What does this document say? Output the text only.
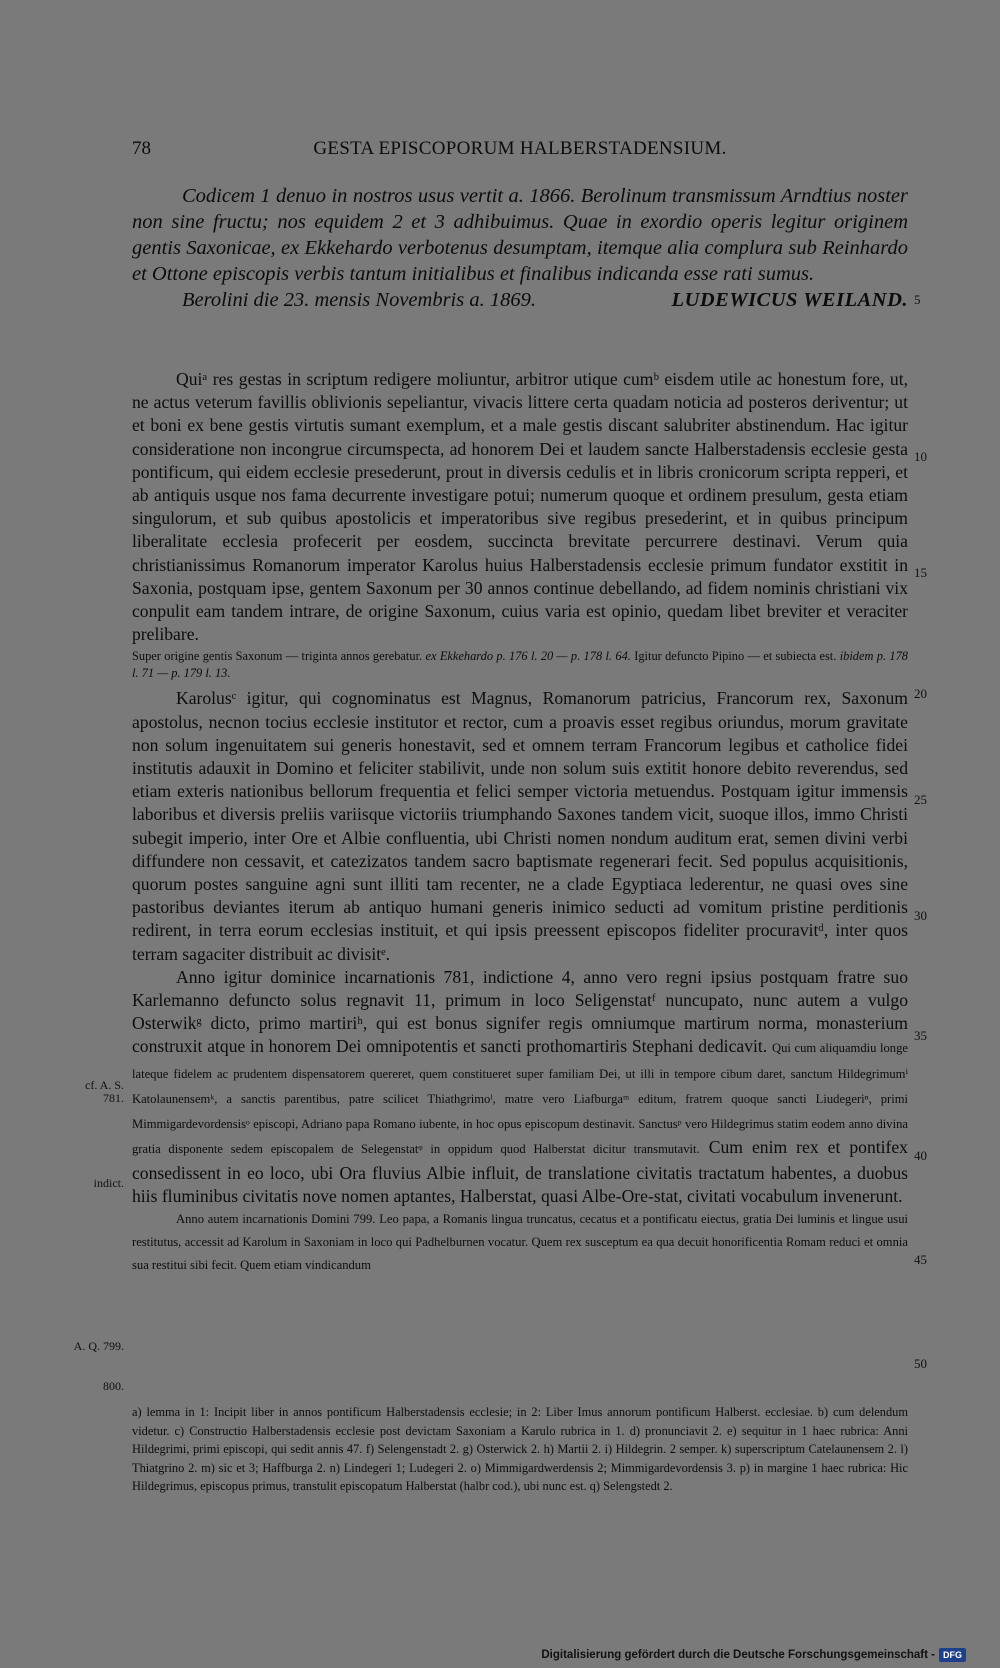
78	GESTA EPISCOPORUM HALBERSTADENSIUM.

Codicem 1 denuo in nostros usus vertit a. 1866. Berolinum transmissum Arndtius noster non sine fructu; nos equidem 2 et 3 adhibuimus. Quae in exordio operis legitur originem gentis Saxonicae, ex Ekkehardo verbotenus desumptam, itemque alia complura sub Reinhardo et Ottone episcopis verbis tantum initialibus et finalibus indicanda esse rati sumus.

Berolini die 23. mensis Novembris a. 1869.	LUDEWICUS WEILAND.

Quiᵃ res gestas in scriptum redigere moliuntur, arbitror utique cumᵇ eisdem utile ac honestum fore, ut, ne actus veterum favillis oblivionis sepeliantur, vivacis littere certa quadam noticia ad posteros deriventur; ut et boni ex bene gestis virtutis sumant exemplum, et a male gestis discant salubriter abstinendum. Hac igitur consideratione non incongrue circumspecta, ad honorem Dei et laudem sancte Halberstadensis ecclesie gesta pontificum, qui eidem ecclesie presederunt, prout in diversis cedulis et in libris cronicorum scripta repperi, et ab antiquis usque nos fama decurrente investigare potui; numerum quoque et ordinem presulum, gesta etiam singulorum, et sub quibus apostolicis et imperatoribus sive regibus presederint, et in quibus principum liberalitate ecclesia profecerit per eosdem, succincta brevitate percurrere destinavi. Verum quia christianissimus Romanorum imperator Karolus huius Halberstadensis ecclesie primum fundator exstitit in Saxonia, postquam ipse, gentem Saxonum per 30 annos continue debellando, ad fidem nominis christiani vix conpulit eam tandem intrare, de origine Saxonum, cuius varia est opinio, quedam libet breviter et veraciter prelibare.

Super origine gentis Saxonum — triginta annos gerebatur. ex Ekkehardo p. 176 l. 20 — p. 178 l. 64. Igitur defuncto Pipino — et subiecta est. ibidem p. 178 l. 71 — p. 179 l. 13.

Karolusᶜ igitur, qui cognominatus est Magnus, Romanorum patricius, Francorum rex, Saxonum apostolus, necnon tocius ecclesie institutor et rector, cum a proavis esset regibus oriundus, morum gravitate non solum ingenuitatem sui generis honestavit, sed et omnem terram Francorum legibus et catholice fidei institutis adauxit in Domino et feliciter stabilivit, unde non solum suis extitit honore debito reverendus, sed etiam exteris nationibus bellorum frequentia et felici semper victoria metuendus. Postquam igitur immensis laboribus et diversis preliis variisque victoriis triumphando Saxones tandem vicit, suoque illos, immo Christi subegit imperio, inter Ore et Albie confluentia, ubi Christi nomen nondum auditum erat, semen divini verbi diffundere non cessavit, et catezizatos tandem sacro baptismate regenerari fecit. Sed populus acquisitionis, quorum postes sanguine agni sunt illiti tam recenter, ne a clade Egyptiaca lederentur, ne quasi oves sine pastoribus deviantes iterum ab antiquo humani generis inimico seducti ad vomitum pristine perditionis redirent, in terra eorum ecclesias instituit, et qui ipsis preessent episcopos fideliter procuravitᵈ, inter quos terram sagaciter distribuit ac divisitᵉ.

Anno igitur dominice incarnationis 781, indictione 4, anno vero regni ipsius postquam fratre suo Karlemanno defuncto solus regnavit 11, primum in loco Seligenstatᶠ nuncupato, nunc autem a vulgo Osterwikᵍ dicto, primo martiriʰ, qui est bonus signifer regis omniumque martirum norma, monasterium construxit atque in honorem Dei omnipotentis et sancti prothomartiris Stephani dedicavit. Qui cum aliquamdiu longe lateque fidelem ac prudentem dispensatorem quereret, quem constitueret super familiam Dei, ut illi in tempore cibum daret, sanctum Hildegrimumⁱ Katolaunensemᵏ, a sanctis parentibus, patre scilicet Thiathgrimoˡ, matre vero Liafburgaᵐ editum, fratrem quoque sancti Liudegeriⁿ, primi Mimmigardevordensisᵒ episcopi, Adriano papa Romano iubente, in hoc opus episcopum destinavit. Sanctusᵖ vero Hildegrimus statim eodem anno divina gratia disponente sedem episcopalem de Selegenstatᵠ in oppidum quod Halberstat dicitur transmutavit. Cum enim rex et pontifex consedissent in eo loco, ubi Ora fluvius Albie influit, de translatione civitatis tractatum habentes, a duobus hiis fluminibus civitatis nove nomen aptantes, Halberstat, quasi Albe-Ore-stat, civitati vocabulum invenerunt.

Anno autem incarnationis Domini 799. Leo papa, a Romanis lingua truncatus, cecatus et a pontificatu eiectus, gratia Dei luminis et lingue usui restitutus, accessit ad Karolum in Saxoniam in loco qui Padhelburnen vocatur. Quem rex susceptum ea qua decuit honorificentia Romam reduci et omnia sua restitui sibi fecit. Quem etiam vindicandum

a) lemma in 1: Incipit liber in annos pontificum Halberstadensis ecclesie; in 2: Liber Imus annorum pontificum Halberst. ecclesiae. b) cum delendum videtur. c) Constructio Halberstadensis ecclesie post devictam Saxoniam a Karulo rubrica in 1. d) pronunciavit 2. e) sequitur in 1 haec rubrica: Anni Hildegrimi, primi episcopi, qui sedit annis 47. f) Selengenstadt 2. g) Osterwick 2. h) Martii 2. i) Hildegrin. 2 semper. k) superscriptum Catelaunensem 2. l) Thiatgrino 2. m) sic et 3; Haffburga 2. n) Lindegeri 1; Ludegeri 2. o) Mimmigardwerdensis 2; Mimmigardevordensis 3. p) in margine 1 haec rubrica: Hic Hildegrimus, episcopus primus, transtulit episcopatum Halberstat (halbr cod.), ubi nunc est. q) Selengstedt 2.
5
10
15
20
25
30
35
40
45
50
cf. A. S.
781.
indict.
A. Q. 799.
800.
Digitalisierung gefördert durch die Deutsche Forschungsgemeinschaft - DFG
